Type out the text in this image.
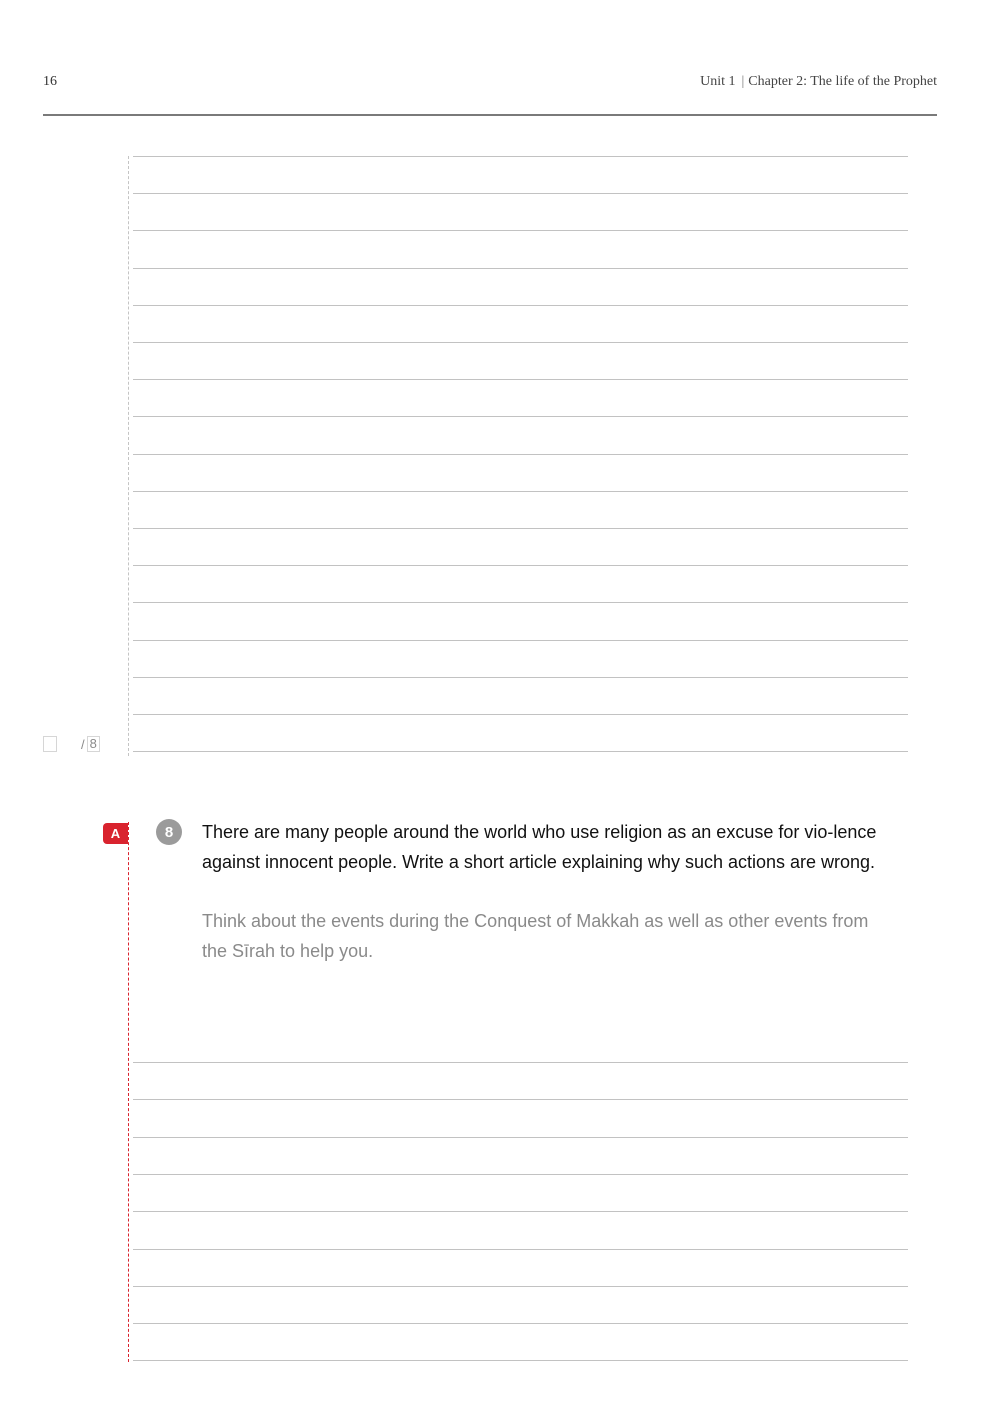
16	Unit 1 | Chapter 2: The life of the Prophet
/ 8
A	8	There are many people around the world who use religion as an excuse for vio-lence against innocent people. Write a short article explaining why such actions are wrong.
Think about the events during the Conquest of Makkah as well as other events from the Sīrah to help you.
